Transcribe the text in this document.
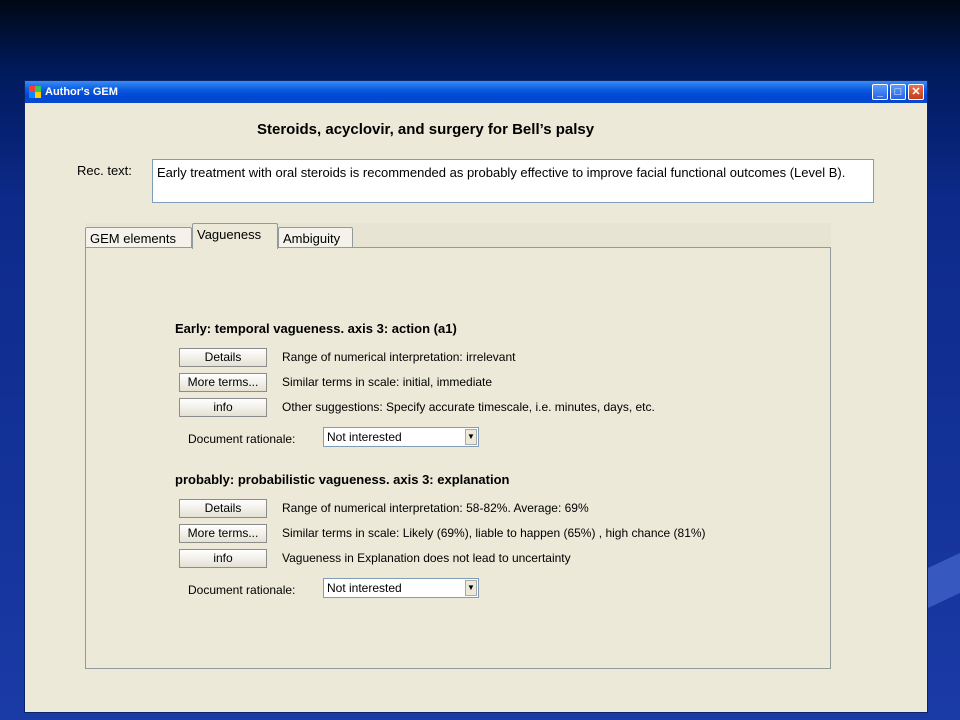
Author's GEM	_ □ ✕
Steroids, acyclovir, and surgery for Bell’s palsy
Rec. text:	Early treatment with oral steroids is recommended as probably effective to improve facial functional outcomes (Level B).
GEM elements	Vagueness	Ambiguity
Early: temporal vagueness. axis 3: action (a1)
Details	Range of numerical interpretation: irrelevant
More terms...	Similar terms in scale: initial, immediate
info	Other suggestions: Specify accurate timescale, i.e. minutes, days, etc.
Document rationale:	Not interested	▼
probably: probabilistic vagueness. axis 3: explanation
Details	Range of numerical interpretation: 58-82%. Average: 69%
More terms...	Similar terms in scale: Likely (69%), liable to happen (65%) , high chance (81%)
info	Vagueness in Explanation does not lead to uncertainty
Document rationale:	Not interested	▼
